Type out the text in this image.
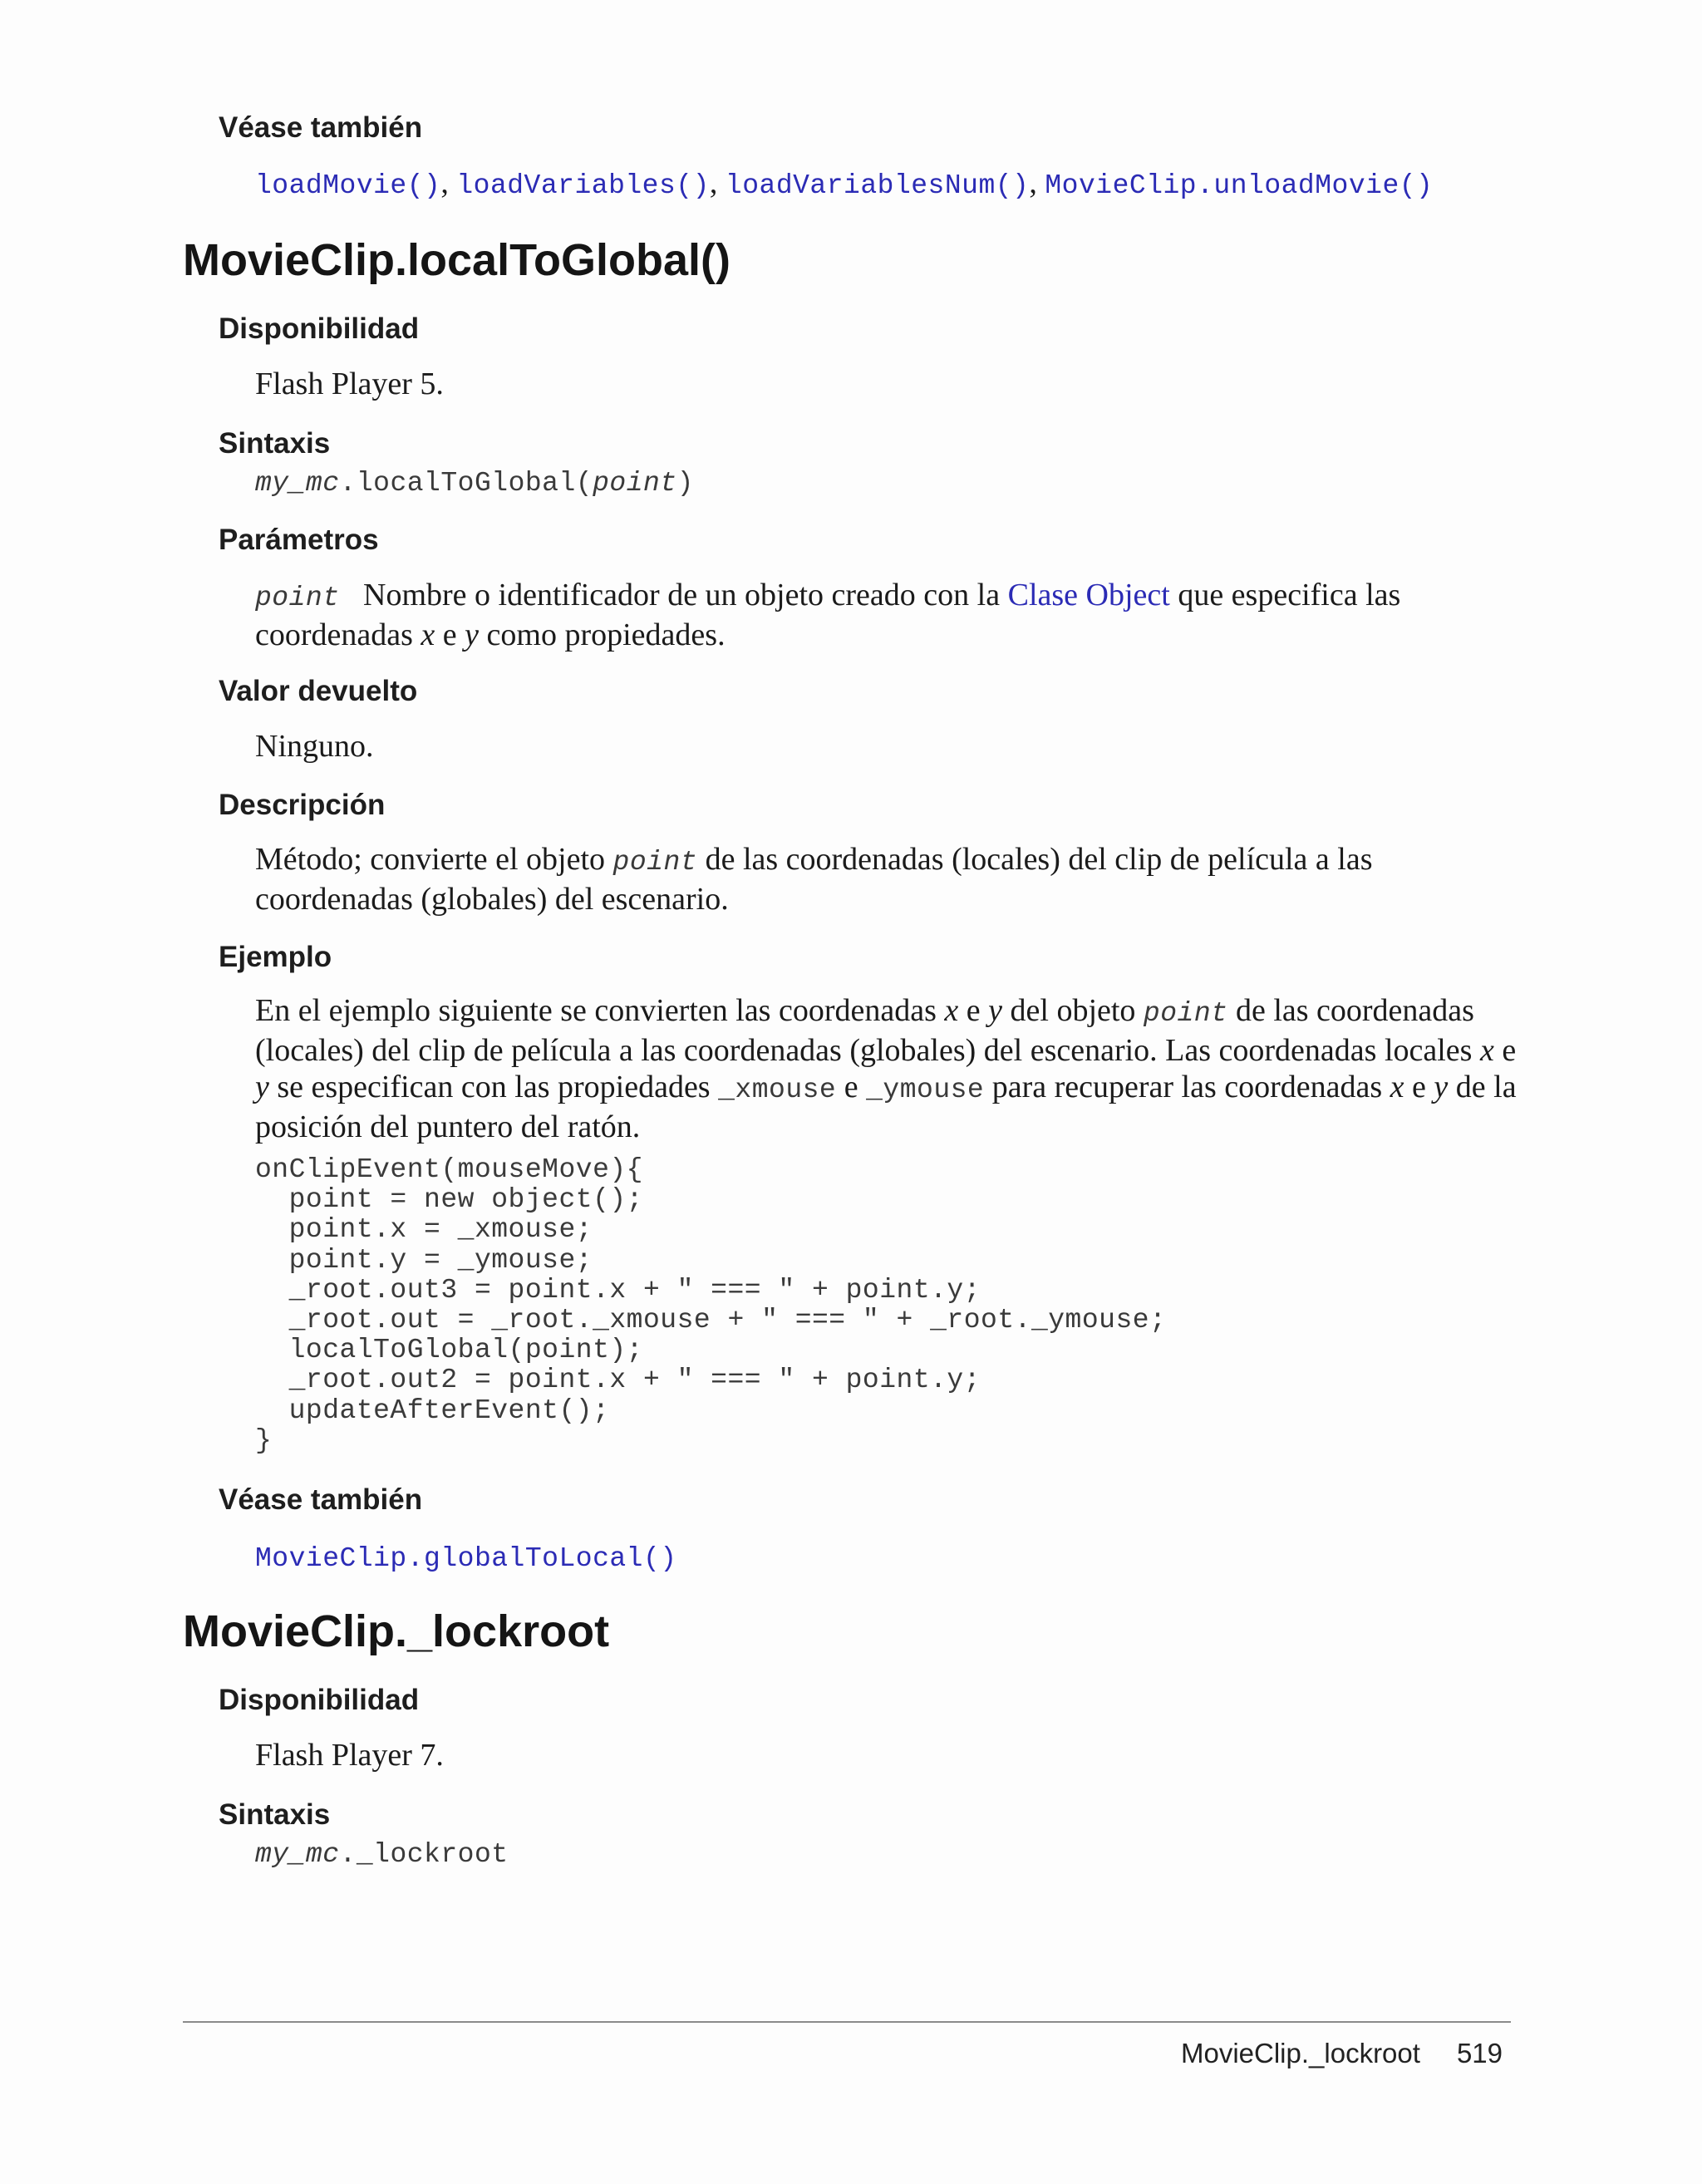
Véase también

loadMovie(), loadVariables(), loadVariablesNum(), MovieClip.unloadMovie()

MovieClip.localToGlobal()
Disponibilidad

Flash Player 5.

Sintaxis

my_mc.localToGlobal(point)

Parámetros

point Nombre o identificador de un objeto creado con la Clase Object que especifica las coordenadas x e y como propiedades.

Valor devuelto

Ninguno.

Descripción

Método; convierte el objeto point de las coordenadas (locales) del clip de película a las coordenadas (globales) del escenario.

Ejemplo

En el ejemplo siguiente se convierten las coordenadas x e y del objeto point de las coordenadas (locales) del clip de película a las coordenadas (globales) del escenario. Las coordenadas locales x e y se especifican con las propiedades _xmouse e _ymouse para recuperar las coordenadas x e y de la posición del puntero del ratón.

onClipEvent(mouseMove){
point = new object();
point.x = _xmouse;
point.y = _ymouse;
_root.out3 = point.x + " === " + point.y;
_root.out = _root._xmouse + " === " + _root._ymouse;
localToGlobal(point);
_root.out2 = point.x + " === " + point.y;
updateAfterEvent();
}
Véase también

MovieClip.globalToLocal()

MovieClip._lockroot
Disponibilidad

Flash Player 7.

Sintaxis

my_mc._lockroot

MovieClip._lockroot 519
